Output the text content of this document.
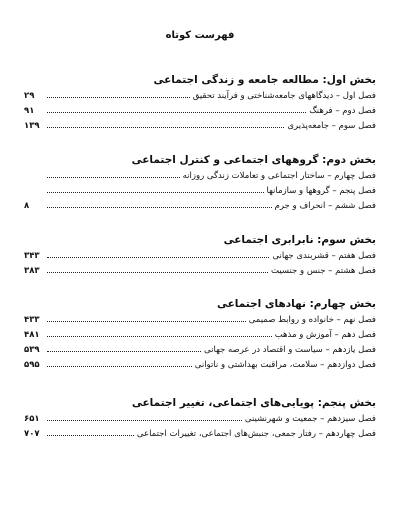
فهرست کوتاه
بخش اول: مطالعه جامعه و زندگی اجتماعی
فصل اول – دیدگاههای جامعه‌شناختی و فرآیند تحقیق
۲۹
فصل دوم – فرهنگ
۹۱
فصل سوم – جامعه‌پذیری
۱۳۹
بخش دوم: گروههای اجتماعی و کنترل اجتماعی
فصل چهارم – ساختار اجتماعی و تعاملات زندگی روزانه
فصل پنجم – گروهها و سازمانها
فصل ششم – انحراف و جرم
۸
بخش سوم: نابرابری اجتماعی
فصل هفتم – قشربندی جهانی
۳۴۳
فصل هشتم – جنس و جنسیت
۳۸۳
بخش چهارم: نهادهای اجتماعی
فصل نهم – خانواده و روابط صمیمی
۴۳۳
فصل دهم – آموزش و مذهب
۴۸۱
فصل یازدهم – سیاست و اقتصاد در عرصه جهانی
۵۳۹
فصل دوازدهم – سلامت، مراقبت بهداشتی و ناتوانی
۵۹۵
بخش پنجم: پویایی‌های اجتماعی، تغییر اجتماعی
فصل سیزدهم – جمعیت و شهرنشینی
۶۵۱
فصل چهاردهم – رفتار جمعی، جنبش‌های اجتماعی، تغییرات اجتماعی
۷۰۷
